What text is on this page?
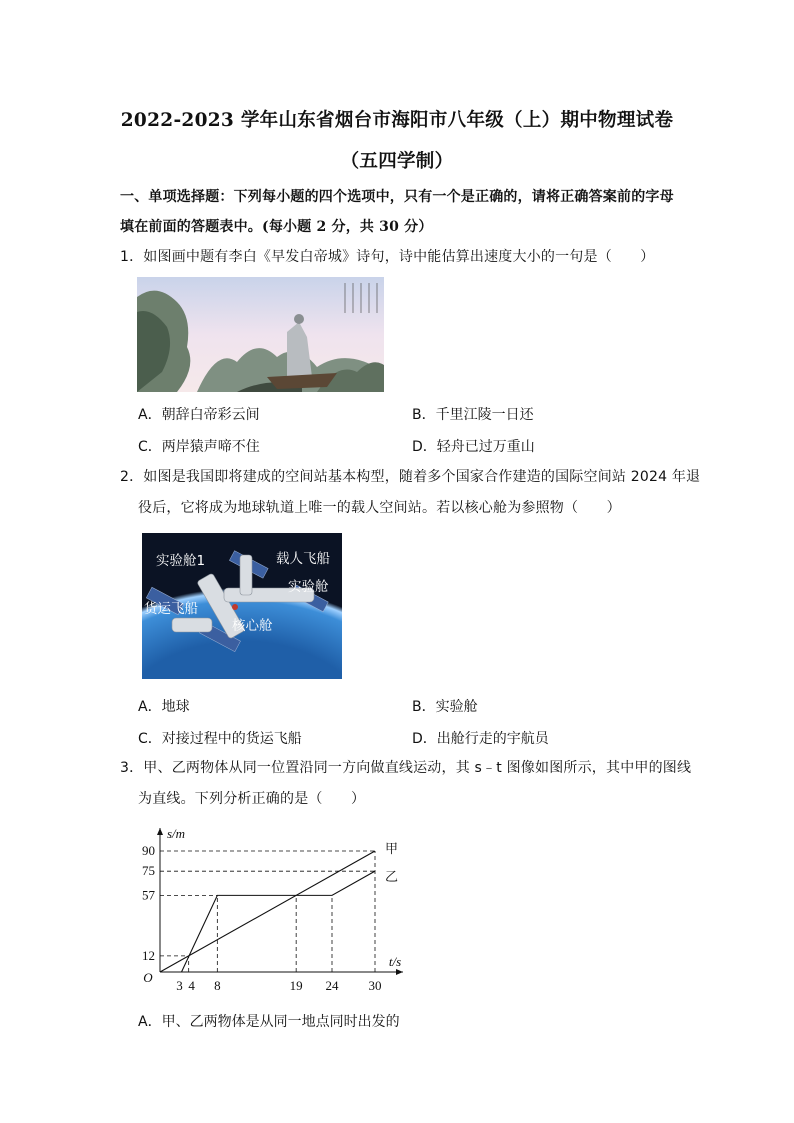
2022-2023 学年山东省烟台市海阳市八年级（上）期中物理试卷
（五四学制）
一、单项选择题：下列每小题的四个选项中，只有一个是正确的，请将正确答案前的字母
填在前面的答题表中。(每小题 2 分，共 30 分）
1．如图画中题有李白《早发白帝城》诗句，诗中能估算出速度大小的一句是（　　）
A．朝辞白帝彩云间	B．千里江陵一日还
C．两岸猿声啼不住	D．轻舟已过万重山
2．如图是我国即将建成的空间站基本构型，随着多个国家合作建造的国际空间站 2024 年退
役后，它将成为地球轨道上唯一的载人空间站。若以核心舱为参照物（　　）
实验舱1	载人飞船
实验舱
货运飞船
核心舱
A．地球	B．实验舱
C．对接过程中的货运飞船	D．出舱行走的宇航员
3．甲、乙两物体从同一位置沿同一方向做直线运动，其 s﹣t 图像如图所示，其中甲的图线
为直线。下列分析正确的是（　　）
甲
乙
3 4 8	19 24 30
12
57
75
90
O
t/s
s/m
A．甲、乙两物体是从同一地点同时出发的
